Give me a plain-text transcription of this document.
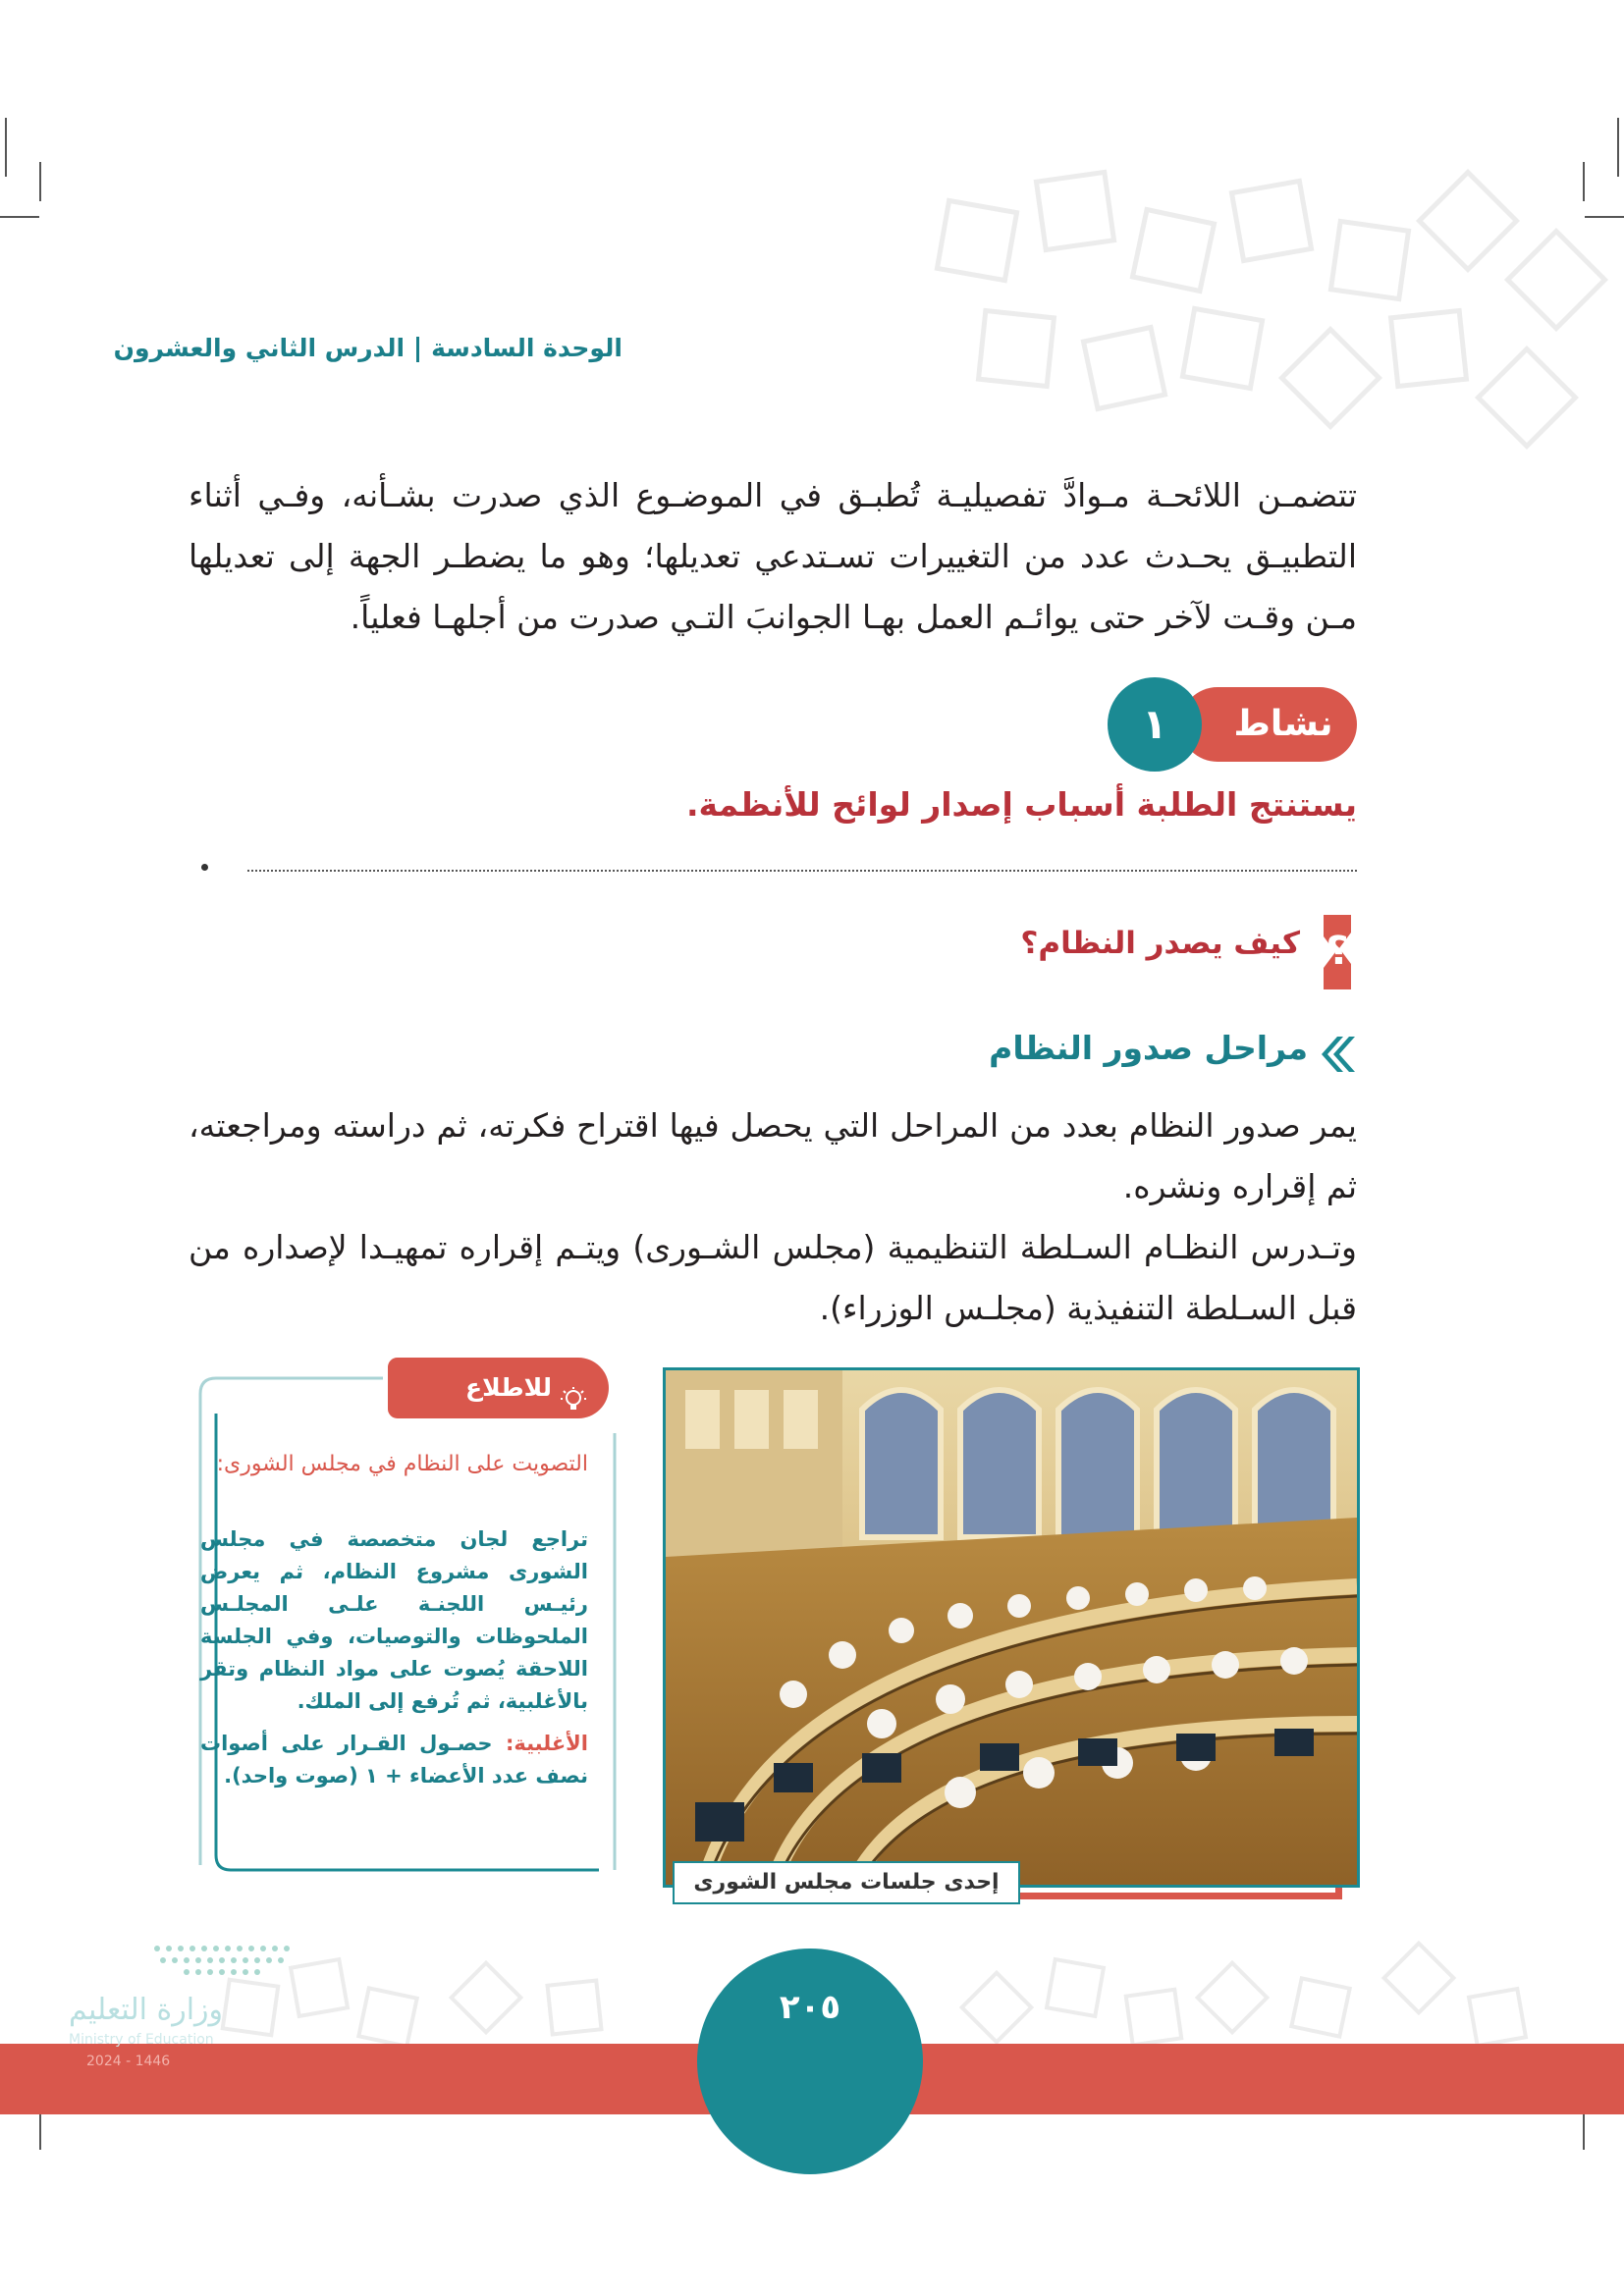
الوحدة السادسةالدرس الثاني والعشرون
تتضمـن اللائحـة مـوادَّ تفصيليـة تُطبـق في الموضـوع الذي صدرت بشـأنه، وفـي أثناء التطبيـق يحـدث عدد من التغييرات تسـتدعي تعديلها؛ وهو ما يضطـر الجهة إلى تعديلها مـن وقـت لآخر حتى يوائـم العمل بهـا الجوانبَ التـي صدرت من أجلهـا فعلياً.
نشاط
١
يستنتج الطلبة أسباب إصدار لوائح للأنظمة.
؟
كيف يصدر النظام؟
مراحل صدور النظام
يمر صدور النظام بعدد من المراحل التي يحصل فيها اقتراح فكرته، ثم دراسته ومراجعته، ثم إقراره ونشره.
وتـدرس النظـام السـلطة التنظيمية (مجلس الشـورى) ويتـم إقراره تمهيـدا لإصداره من قبل السـلطة التنفيذية (مجلـس الوزراء).
إحدى جلسات مجلس الشورى
للاطلاع
التصويت على النظام في مجلس الشورى:
تراجع لجان متخصصة في مجلس الشورى مشروع النظام، ثم يعرض رئيـس اللجنـة علـى المجلـس الملحوظات والتوصيات، وفي الجلسة اللاحقة يُصوت على مواد النظام وتقر بالأغلبية، ثم تُرفع إلى الملك.
الأغلبية: حصـول القـرار على أصوات نصف عدد الأعضاء + ١ (صوت واحد).
٢٠٥
وزارة التعليم
Ministry of Education
2024 - 1446
